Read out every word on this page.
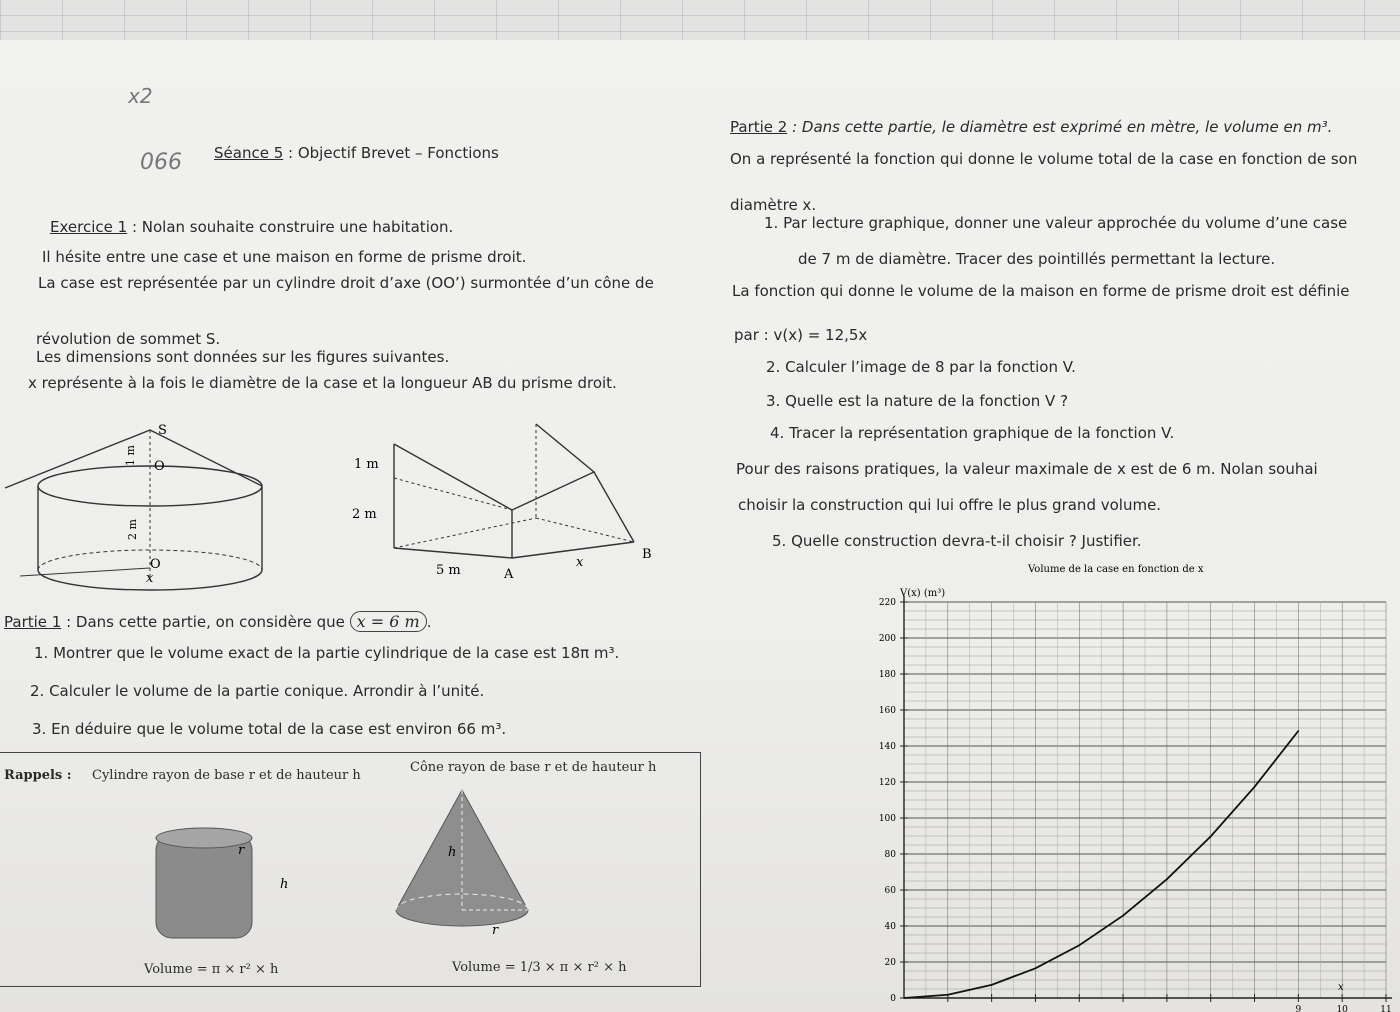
x2
066 Séance 5 : Objectif Brevet – Fonctions
Exercice 1 : Nolan souhaite construire une habitation.
Il hésite entre une case et une maison en forme de prisme droit.
La case est représentée par un cylindre droit d’axe (OO’) surmontée d’un cône de
révolution de sommet S.
Les dimensions sont données sur les figures suivantes.
x représente à la fois le diamètre de la case et la longueur AB du prisme droit.
S
1 m
O
2 m
O
x
1 m
2 m
5 m	A
x
B
Partie 1 : Dans cette partie, on considère que x = 6 m .
1. Montrer que le volume exact de la partie cylindrique de la case est 18π m³.
2. Calculer le volume de la partie conique. Arrondir à l’unité.
3. En déduire que le volume total de la case est environ 66 m³.
Rappels : Cylindre rayon de base r et de hauteur h
Cône rayon de base r et de hauteur h
r
h
h
r
Volume = π × r² × h	Volume = 1/3 × π × r² × h
Partie 2 : Dans cette partie, le diamètre est exprimé en mètre, le volume en m³.
On a représenté la fonction qui donne le volume total de la case en fonction de son
diamètre x.
1. Par lecture graphique, donner une valeur approchée du volume d’une case
de 7 m de diamètre. Tracer des pointillés permettant la lecture.
La fonction qui donne le volume de la maison en forme de prisme droit est définie
par : v(x) = 12,5x
2. Calculer l’image de 8 par la fonction V.
3. Quelle est la nature de la fonction V ?
4. Tracer la représentation graphique de la fonction V.
Pour des raisons pratiques, la valeur maximale de x est de 6 m. Nolan souhai
choisir la construction qui lui offre le plus grand volume.
5. Quelle construction devra-t-il choisir ? Justifier.
0
20
40
60
80
100
120
140
160
180
200
220
9	10	11
Volume de la case en fonction de x
V(x) (m³)
x
